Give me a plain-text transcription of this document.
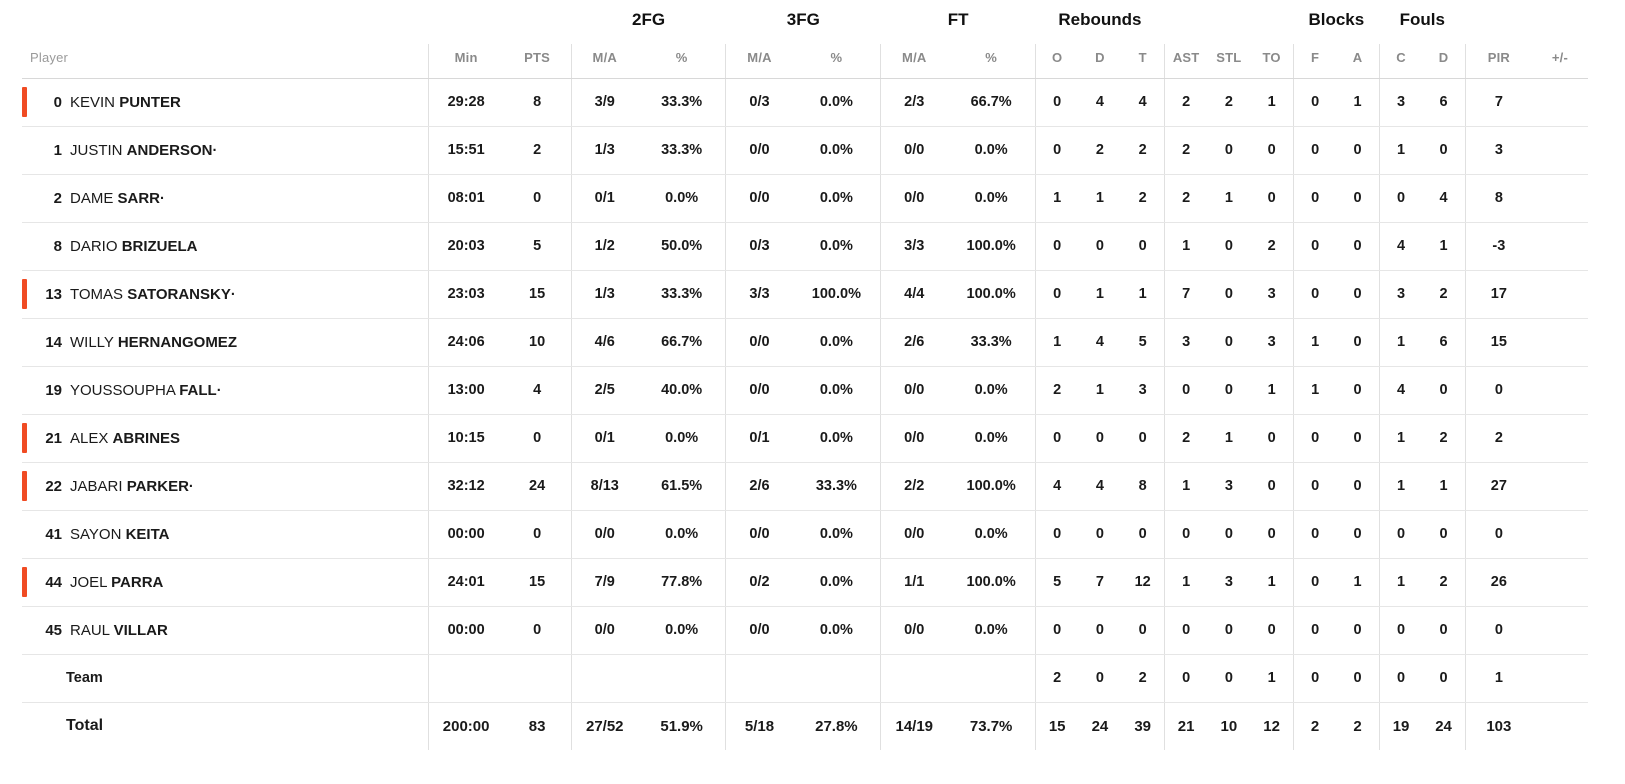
			2FG		3FG		FT		Rebounds						Blocks		Fouls			
Player	Min	PTS	M/A	%	M/A	%	M/A	%	O	D	T	AST	STL	TO	F	A	C	D	PIR	+/-

0 KEVIN PUNTER	29:28	8	3/9	33.3%	0/3	0.0%	2/3	66.7%	0	4	4	2	2	1	0	1	3	6	7	
1 JUSTIN ANDERSON·	15:51	2	1/3	33.3%	0/0	0.0%	0/0	0.0%	0	2	2	2	0	0	0	0	1	0	3	
2 DAME SARR·	08:01	0	0/1	0.0%	0/0	0.0%	0/0	0.0%	1	1	2	2	1	0	0	0	0	4	8	
8 DARIO BRIZUELA	20:03	5	1/2	50.0%	0/3	0.0%	3/3	100.0%	0	0	0	1	0	2	0	0	4	1	-3	

13 TOMAS SATORANSKY·	23:03	15	1/3	33.3%	3/3	100.0%	4/4	100.0%	0	1	1	7	0	3	0	0	3	2	17	
14 WILLY HERNANGOMEZ	24:06	10	4/6	66.7%	0/0	0.0%	2/6	33.3%	1	4	5	3	0	3	1	0	1	6	15	
19 YOUSSOUPHA FALL·	13:00	4	2/5	40.0%	0/0	0.0%	0/0	0.0%	2	1	3	0	0	1	1	0	4	0	0	

21 ALEX ABRINES	10:15	0	0/1	0.0%	0/1	0.0%	0/0	0.0%	0	0	0	2	1	0	0	0	1	2	2	

22 JABARI PARKER·	32:12	24	8/13	61.5%	2/6	33.3%	2/2	100.0%	4	4	8	1	3	0	0	0	1	1	27	
41 SAYON KEITA	00:00	0	0/0	0.0%	0/0	0.0%	0/0	0.0%	0	0	0	0	0	0	0	0	0	0	0	

44 JOEL PARRA	24:01	15	7/9	77.8%	0/2	0.0%	1/1	100.0%	5	7	12	1	3	1	0	1	1	2	26	
45 RAUL VILLAR	00:00	0	0/0	0.0%	0/0	0.0%	0/0	0.0%	0	0	0	0	0	0	0	0	0	0	0	
Team									2	0	2	0	0	1	0	0	0	0	1	
Total	200:00	83	27/52	51.9%	5/18	27.8%	14/19	73.7%	15	24	39	21	10	12	2	2	19	24	103	
